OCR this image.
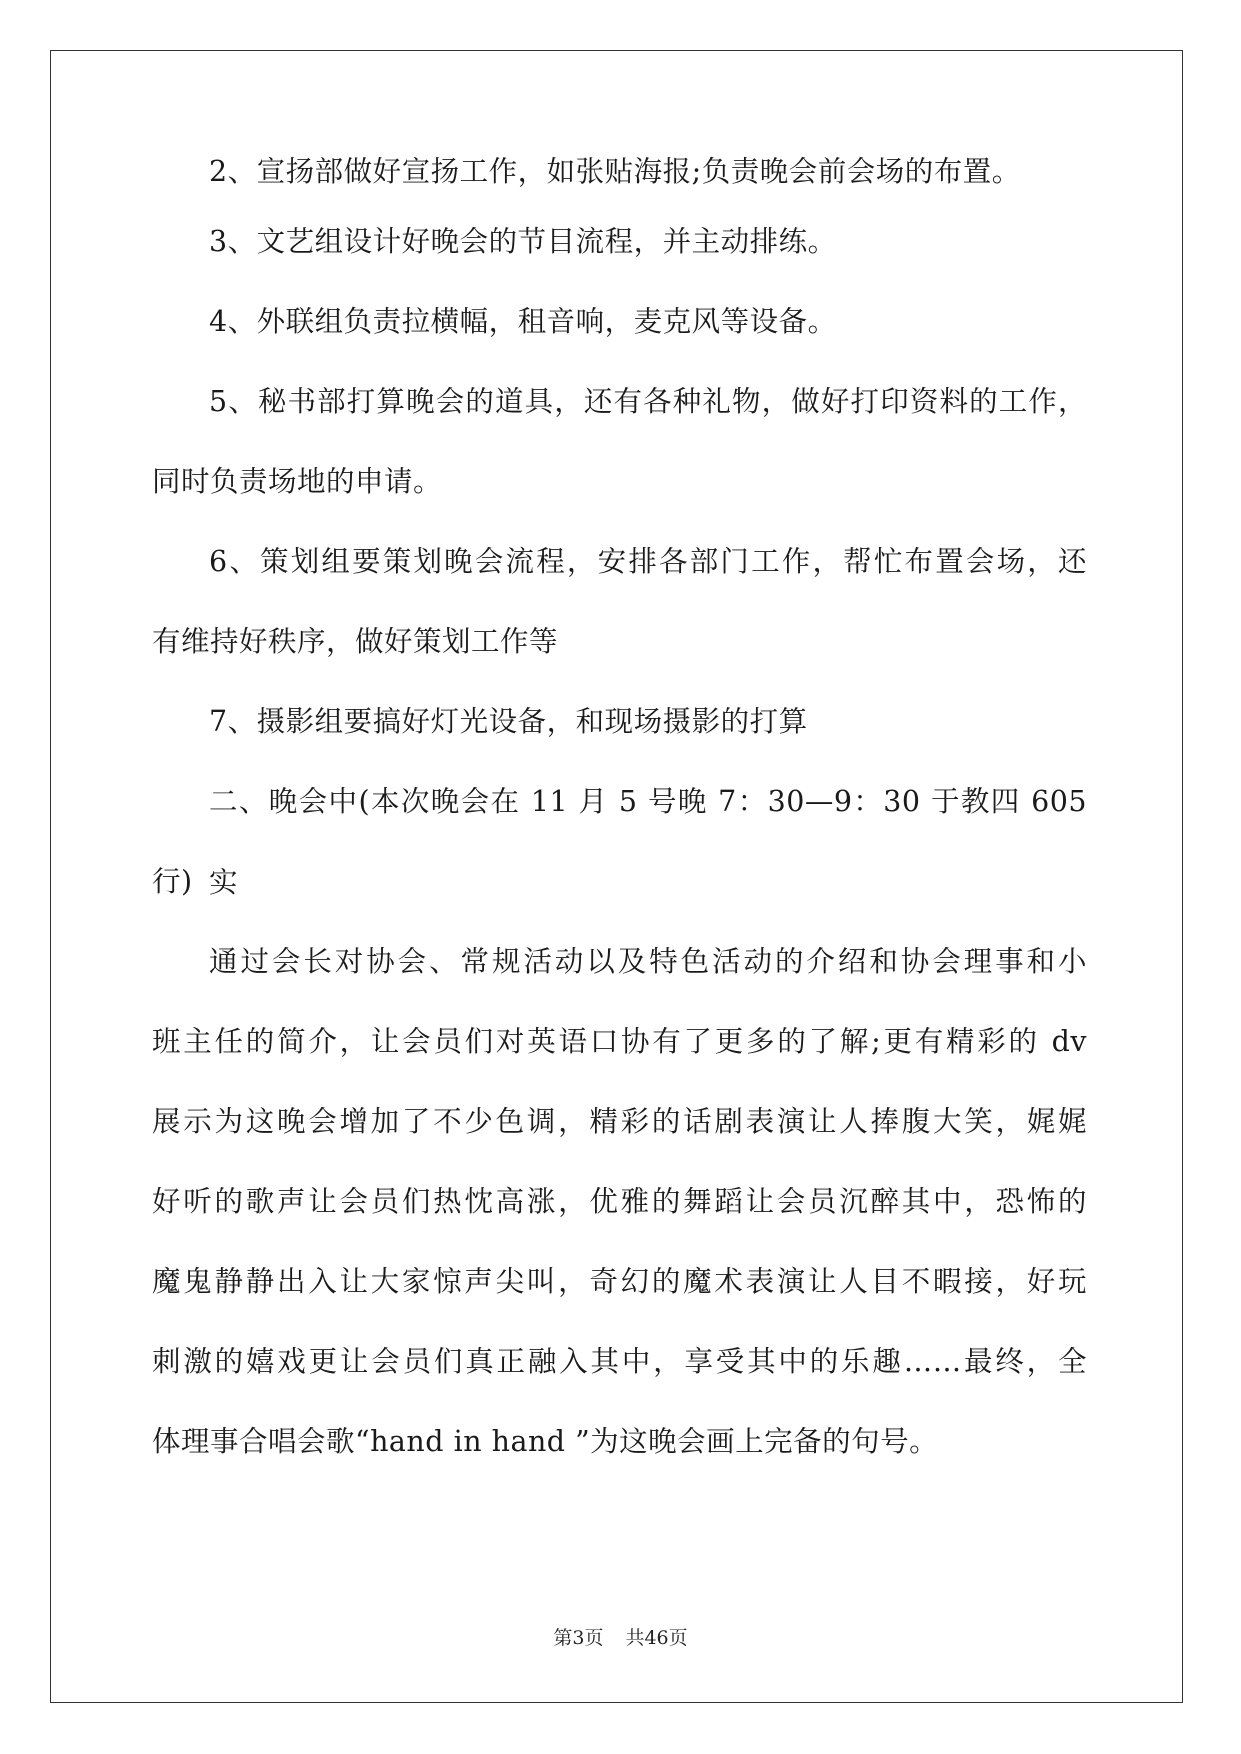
2、宣扬部做好宣扬工作，如张贴海报;负责晚会前会场的布置。
3、文艺组设计好晚会的节目流程，并主动排练。
4、外联组负责拉横幅，租音响，麦克风等设备。
5、秘书部打算晚会的道具，还有各种礼物，做好打印资料的工作，
同时负责场地的申请。
6、策划组要策划晚会流程，安排各部门工作，帮忙布置会场，还
有维持好秩序，做好策划工作等
7、摄影组要搞好灯光设备，和现场摄影的打算
二、晚会中(本次晚会在 11 月 5 号晚 7：30—9：30 于教四 605 实
行)
通过会长对协会、常规活动以及特色活动的介绍和协会理事和小
班主任的简介，让会员们对英语口协有了更多的了解;更有精彩的 dv
展示为这晚会增加了不少色调，精彩的话剧表演让人捧腹大笑，娓娓
好听的歌声让会员们热忱高涨，优雅的舞蹈让会员沉醉其中，恐怖的
魔鬼静静出入让大家惊声尖叫，奇幻的魔术表演让人目不暇接，好玩
刺激的嬉戏更让会员们真正融入其中，享受其中的乐趣……最终，全
体理事合唱会歌“hand in hand ”为这晚会画上完备的句号。
第3页 共46页
